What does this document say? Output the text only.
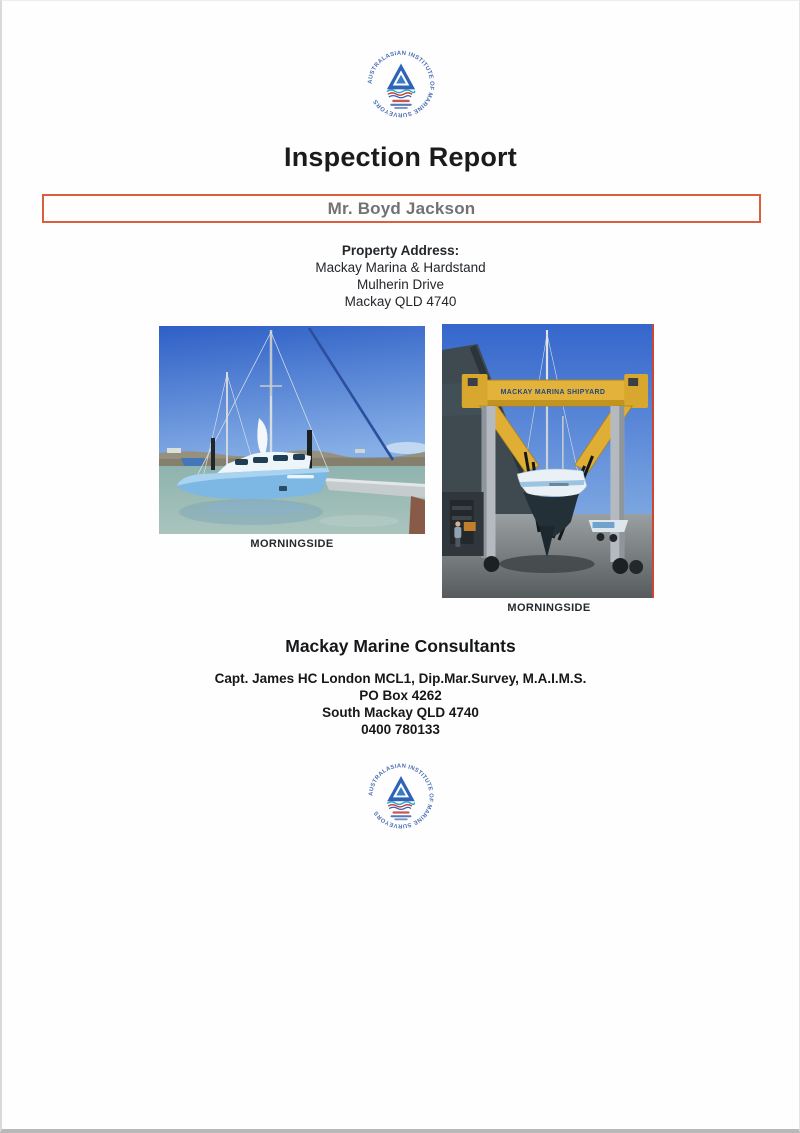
AUSTRALASIAN INSTITUTE OF MARINE SURVEYORS
Inspection Report
Mr. Boyd Jackson
Property Address:
Mackay Marina & Hardstand
Mulherin Drive
Mackay QLD 4740
MACKAY MARINA SHIPYARD
MORNINGSIDE
MORNINGSIDE
Mackay Marine Consultants
Capt. James HC London MCL1, Dip.Mar.Survey, M.A.I.M.S.
PO Box 4262
South Mackay QLD 4740
0400 780133
AUSTRALASIAN INSTITUTE OF MARINE SURVEYORS
